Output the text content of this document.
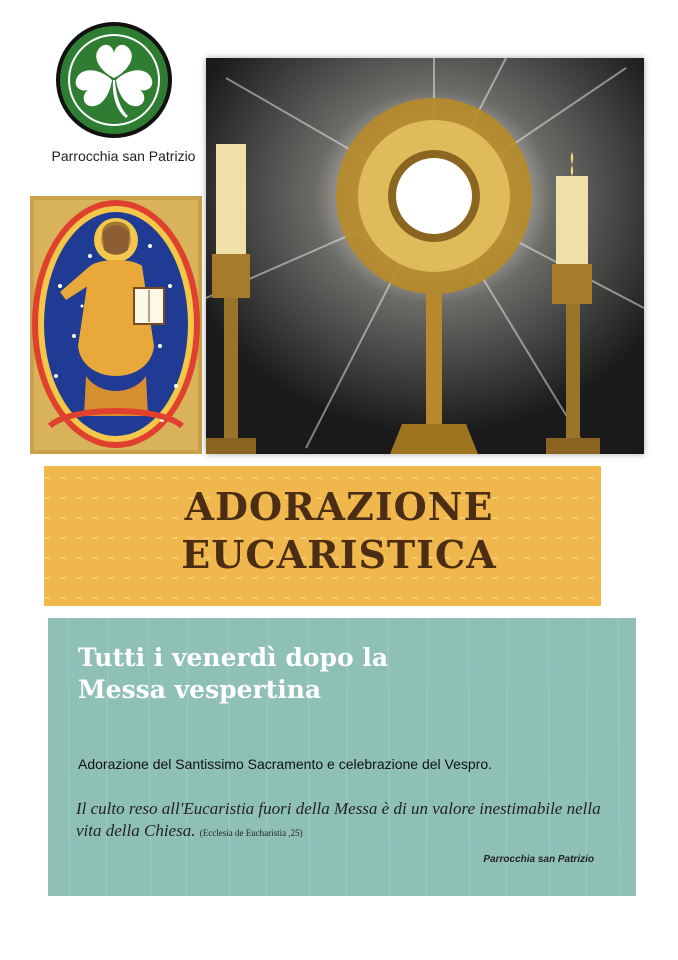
Parrocchia san Patrizio
ADORAZIONE
EUCARISTICA
Tutti i venerdì dopo la
Messa vespertina
Adorazione del Santissimo Sacramento e celebrazione del Vespro.
Il culto reso all'Eucaristia fuori della Messa è di un valore inestimabile nella vita della Chiesa. (Ecclesia de Eucharistia ,25)
Parrocchia san Patrizio
